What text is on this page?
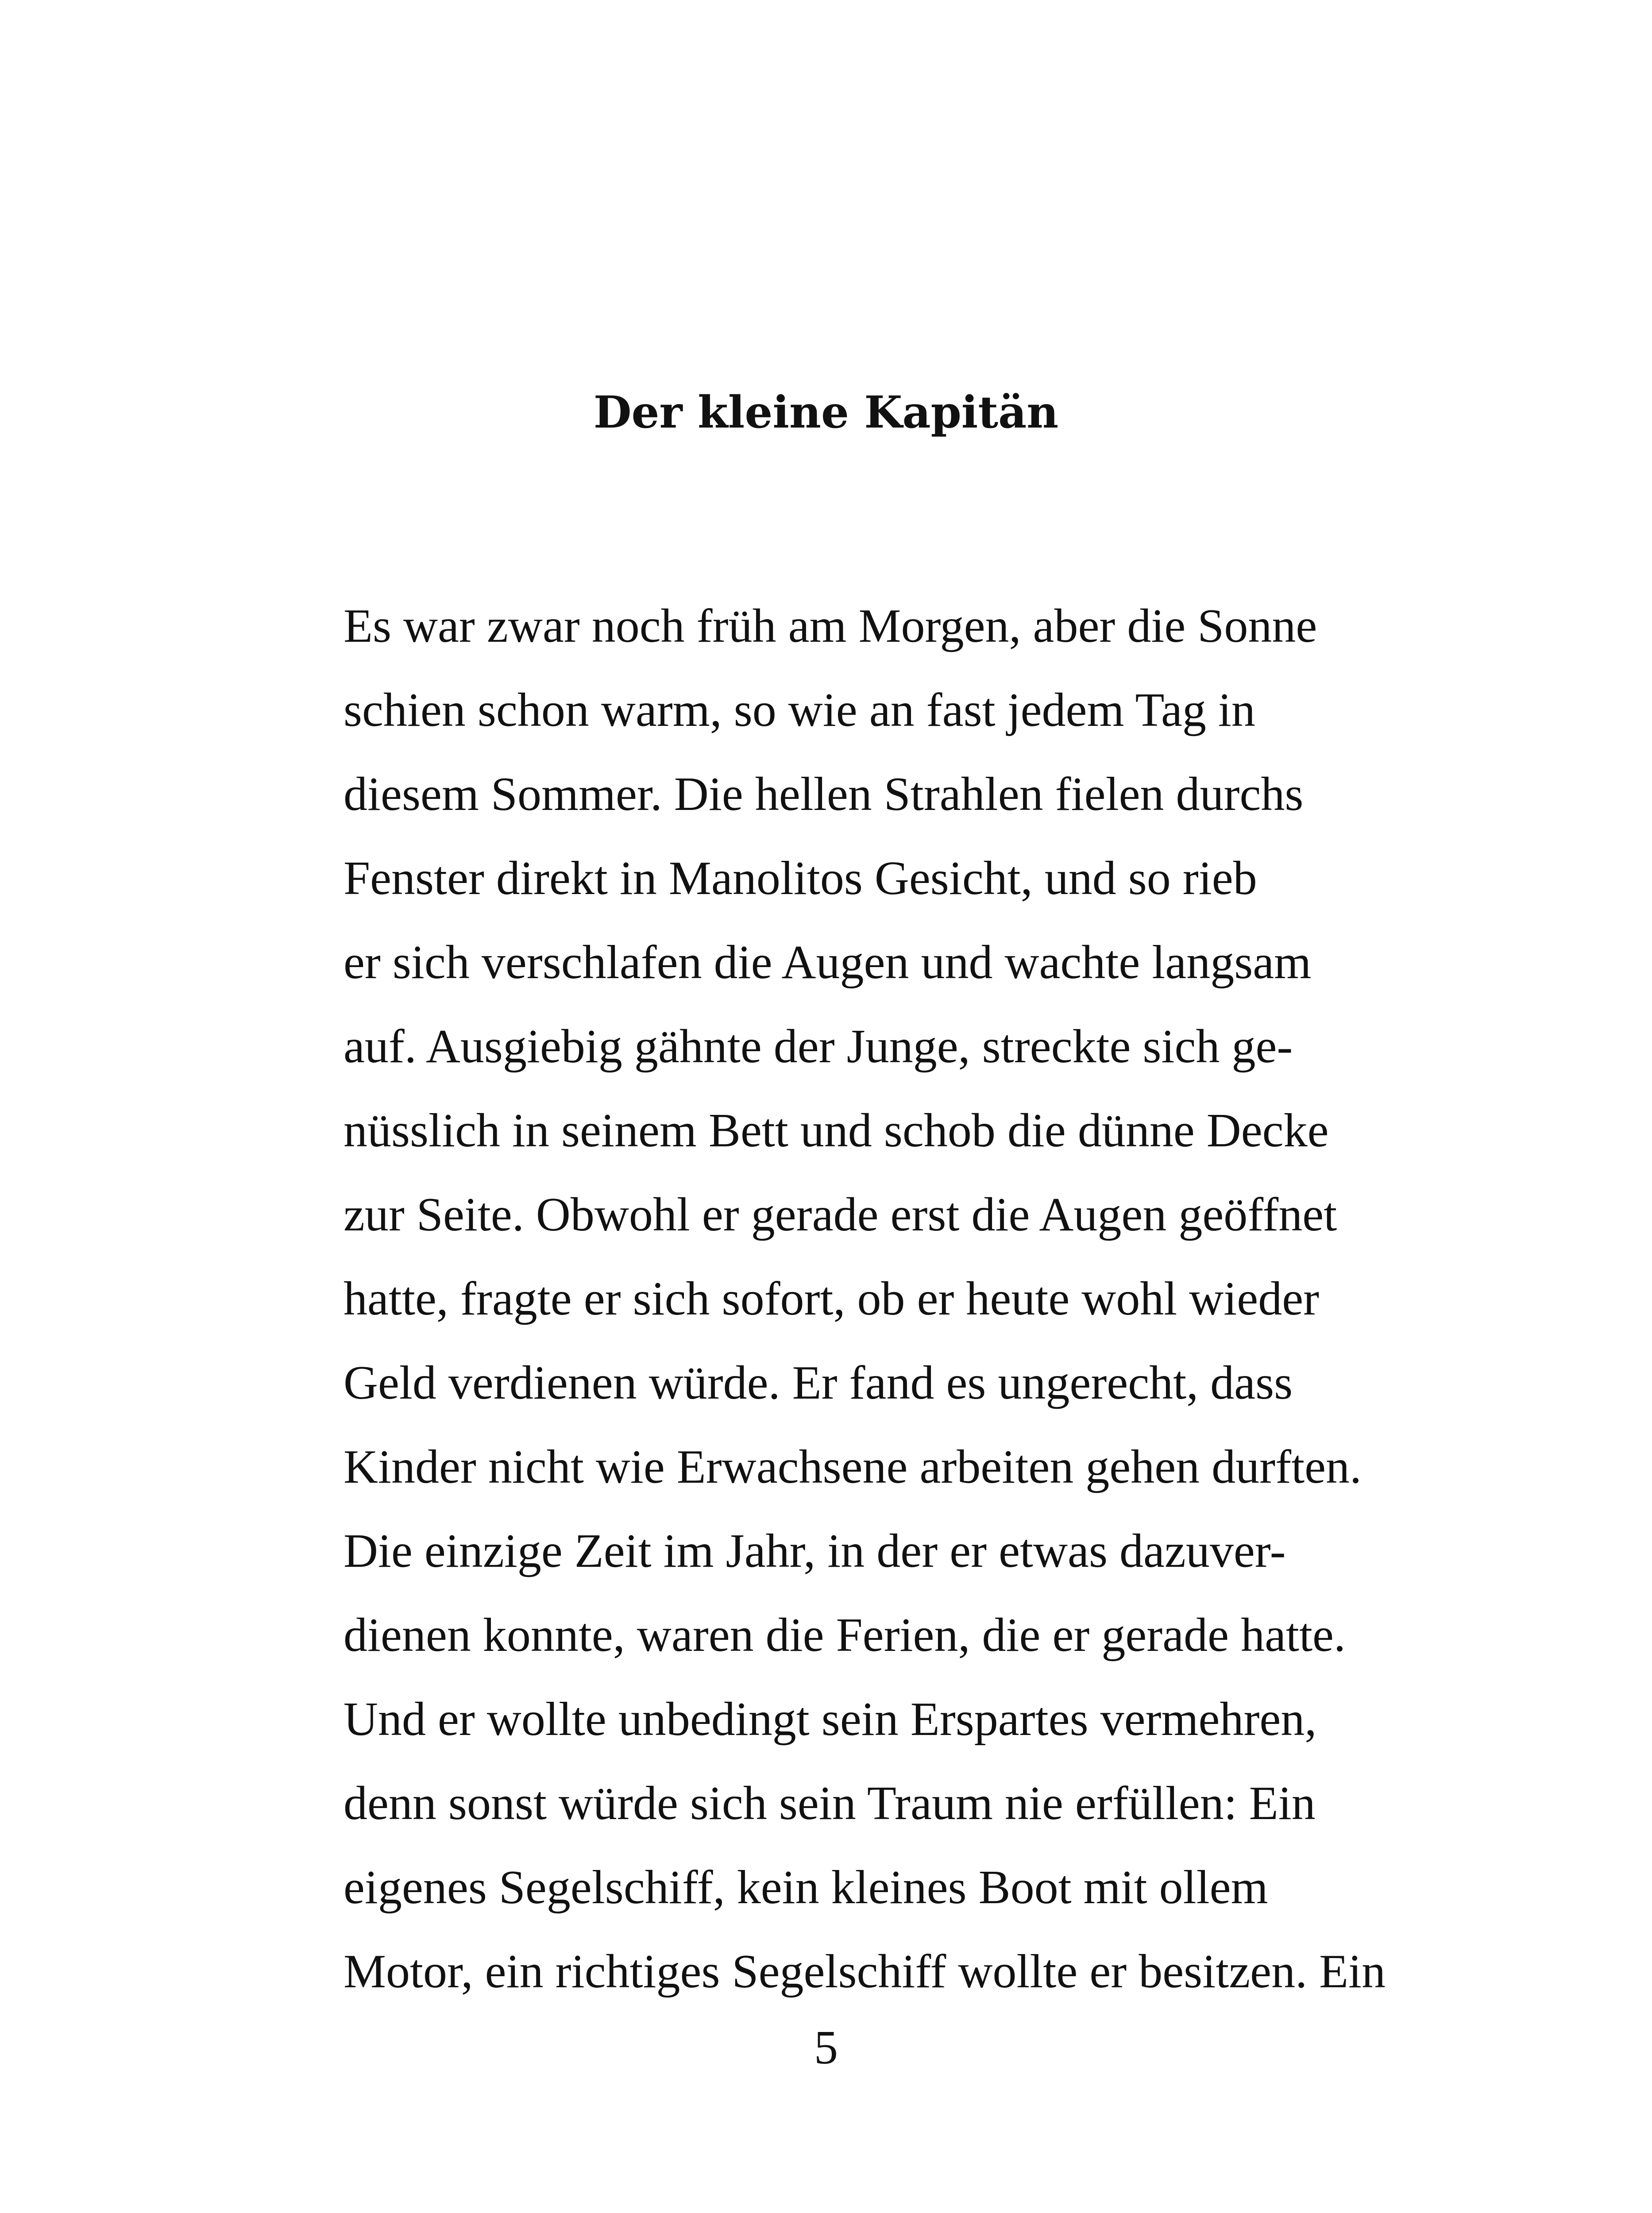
Der kleine Kapitän
Es war zwar noch früh am Morgen, aber die Sonne
schien schon warm, so wie an fast jedem Tag in
diesem Sommer. Die hellen Strahlen fielen durchs
Fenster direkt in Manolitos Gesicht, und so rieb
er sich verschlafen die Augen und wachte langsam
auf. Ausgiebig gähnte der Junge, streckte sich ge-
nüsslich in seinem Bett und schob die dünne Decke
zur Seite. Obwohl er gerade erst die Augen geöffnet
hatte, fragte er sich sofort, ob er heute wohl wieder
Geld verdienen würde. Er fand es ungerecht, dass
Kinder nicht wie Erwachsene arbeiten gehen durften.
Die einzige Zeit im Jahr, in der er etwas dazuver-
dienen konnte, waren die Ferien, die er gerade hatte.
Und er wollte unbedingt sein Erspartes vermehren,
denn sonst würde sich sein Traum nie erfüllen: Ein
eigenes Segelschiff, kein kleines Boot mit ollem
Motor, ein richtiges Segelschiff wollte er besitzen. Ein
5
